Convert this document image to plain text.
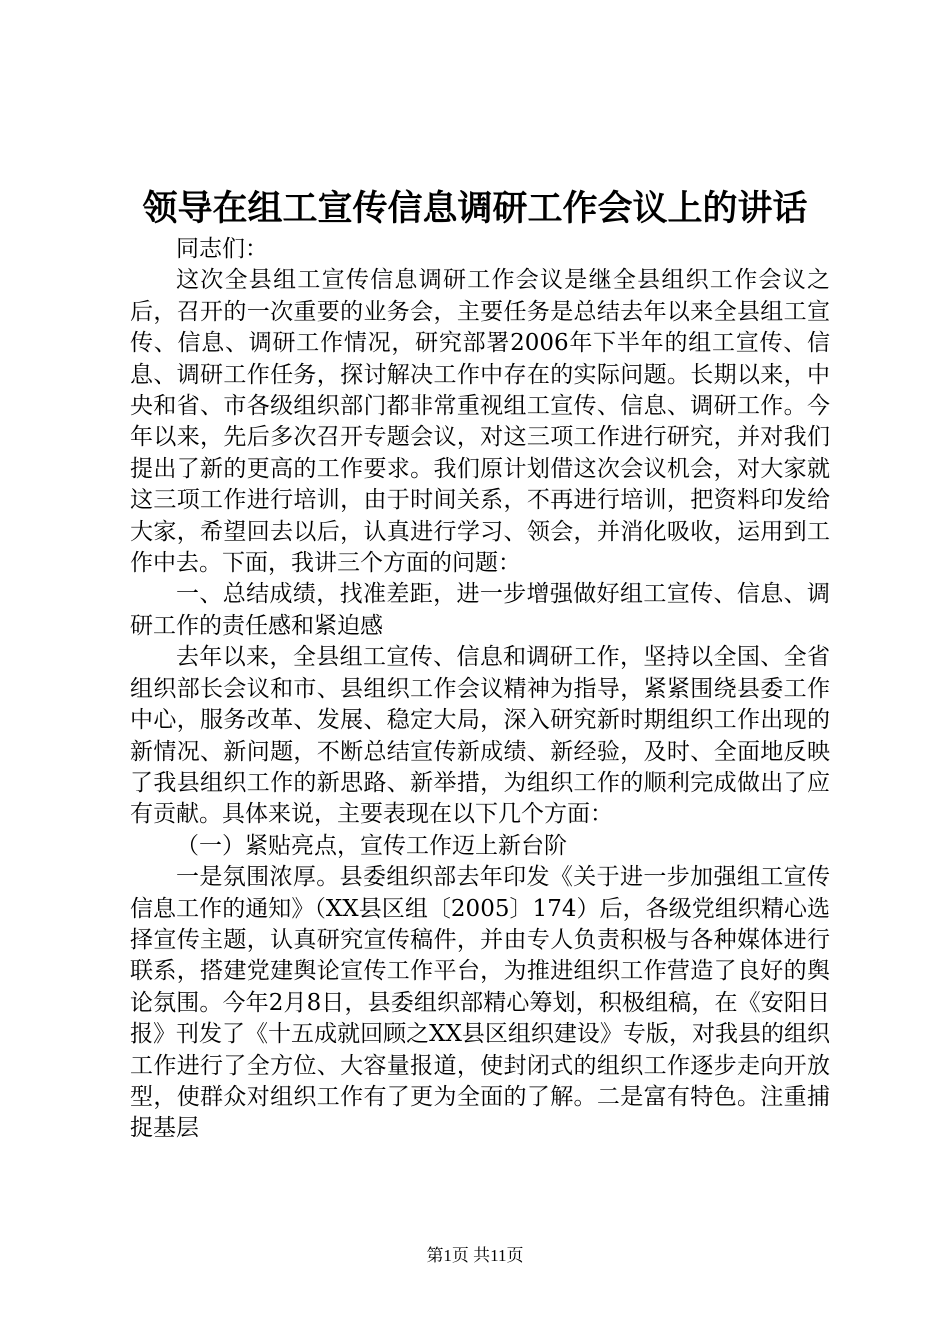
领导在组工宣传信息调研工作会议上的讲话

同志们：

这次全县组工宣传信息调研工作会议是继全县组织工作会议之后，召开的一次重要的业务会，主要任务是总结去年以来全县组工宣传、信息、调研工作情况，研究部署2006年下半年的组工宣传、信息、调研工作任务，探讨解决工作中存在的实际问题。长期以来，中央和省、市各级组织部门都非常重视组工宣传、信息、调研工作。今年以来，先后多次召开专题会议，对这三项工作进行研究，并对我们提出了新的更高的工作要求。我们原计划借这次会议机会，对大家就这三项工作进行培训，由于时间关系，不再进行培训，把资料印发给大家，希望回去以后，认真进行学习、领会，并消化吸收，运用到工作中去。下面，我讲三个方面的问题：

一、总结成绩，找准差距，进一步增强做好组工宣传、信息、调研工作的责任感和紧迫感

去年以来，全县组工宣传、信息和调研工作，坚持以全国、全省组织部长会议和市、县组织工作会议精神为指导，紧紧围绕县委工作中心，服务改革、发展、稳定大局，深入研究新时期组织工作出现的新情况、新问题，不断总结宣传新成绩、新经验，及时、全面地反映了我县组织工作的新思路、新举措，为组织工作的顺利完成做出了应有贡献。具体来说，主要表现在以下几个方面：

（一）紧贴亮点，宣传工作迈上新台阶

一是氛围浓厚。县委组织部去年印发《关于进一步加强组工宣传信息工作的通知》（XX县区组〔2005〕174）后，各级党组织精心选择宣传主题，认真研究宣传稿件，并由专人负责积极与各种媒体进行联系，搭建党建舆论宣传工作平台，为推进组织工作营造了良好的舆论氛围。今年2月8日，县委组织部精心筹划，积极组稿，在《安阳日报》刊发了《十五成就回顾之XX县区组织建设》专版，对我县的组织工作进行了全方位、大容量报道，使封闭式的组织工作逐步走向开放型，使群众对组织工作有了更为全面的了解。二是富有特色。注重捕捉基层

第1页 共11页
